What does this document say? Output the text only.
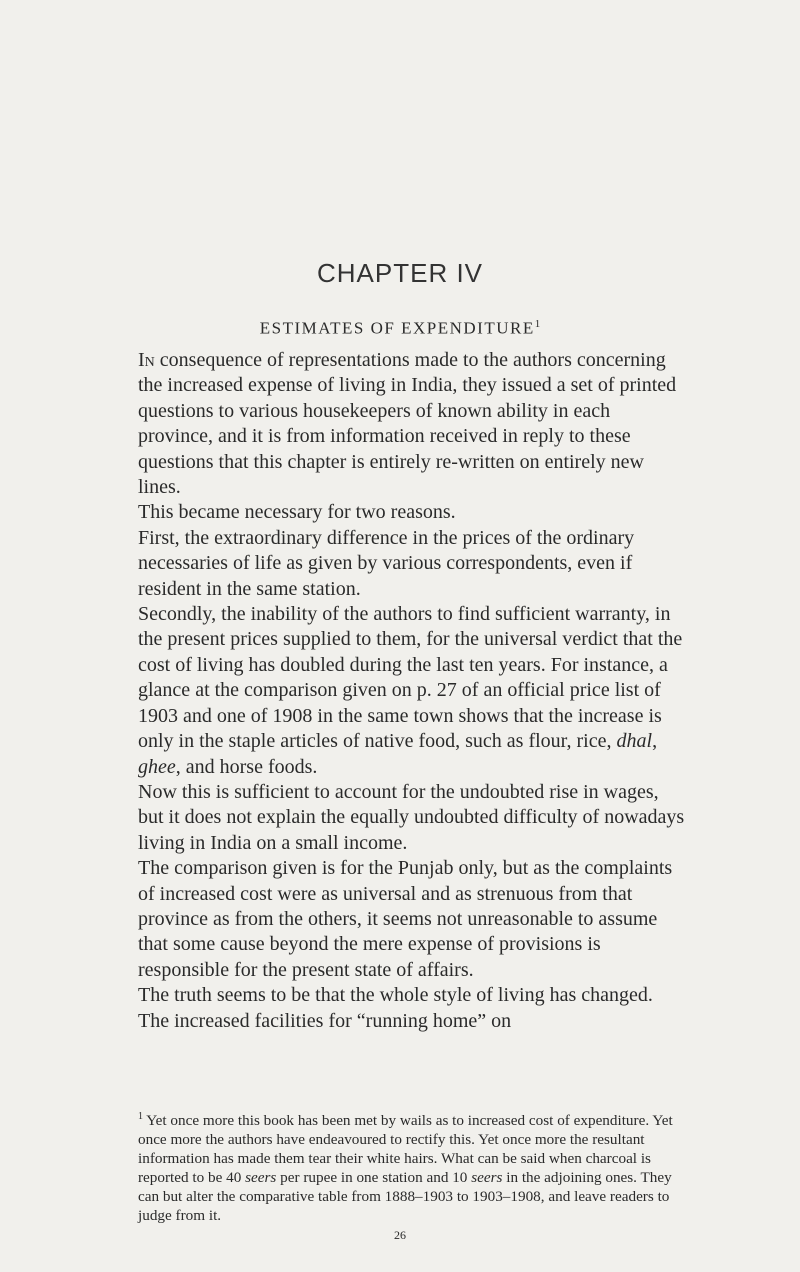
CHAPTER IV
ESTIMATES OF EXPENDITURE$^1$

In consequence of representations made to the authors concerning the increased expense of living in India, they issued a set of printed questions to various housekeepers of known ability in each province, and it is from information received in reply to these questions that this chapter is entirely re-written on entirely new lines.

This became necessary for two reasons.

First, the extraordinary difference in the prices of the ordinary necessaries of life as given by various correspondents, even if resident in the same station.

Secondly, the inability of the authors to find sufficient warranty, in the present prices supplied to them, for the universal verdict that the cost of living has doubled during the last ten years. For instance, a glance at the comparison given on p. 27 of an official price list of 1903 and one of 1908 in the same town shows that the increase is only in the staple articles of native food, such as flour, rice, dhal, ghee, and horse foods.

Now this is sufficient to account for the undoubted rise in wages, but it does not explain the equally undoubted difficulty of nowadays living in India on a small income.

The comparison given is for the Punjab only, but as the complaints of increased cost were as universal and as strenuous from that province as from the others, it seems not unreasonable to assume that some cause beyond the mere expense of provisions is responsible for the present state of affairs.

The truth seems to be that the whole style of living has changed. The increased facilities for “running home” on

$^1$ Yet once more this book has been met by wails as to increased cost of expenditure. Yet once more the authors have endeavoured to rectify this. Yet once more the resultant information has made them tear their white hairs. What can be said when charcoal is reported to be 40 seers per rupee in one station and 10 seers in the adjoining ones. They can but alter the comparative table from 1888–1903 to 1903–1908, and leave readers to judge from it.

26
